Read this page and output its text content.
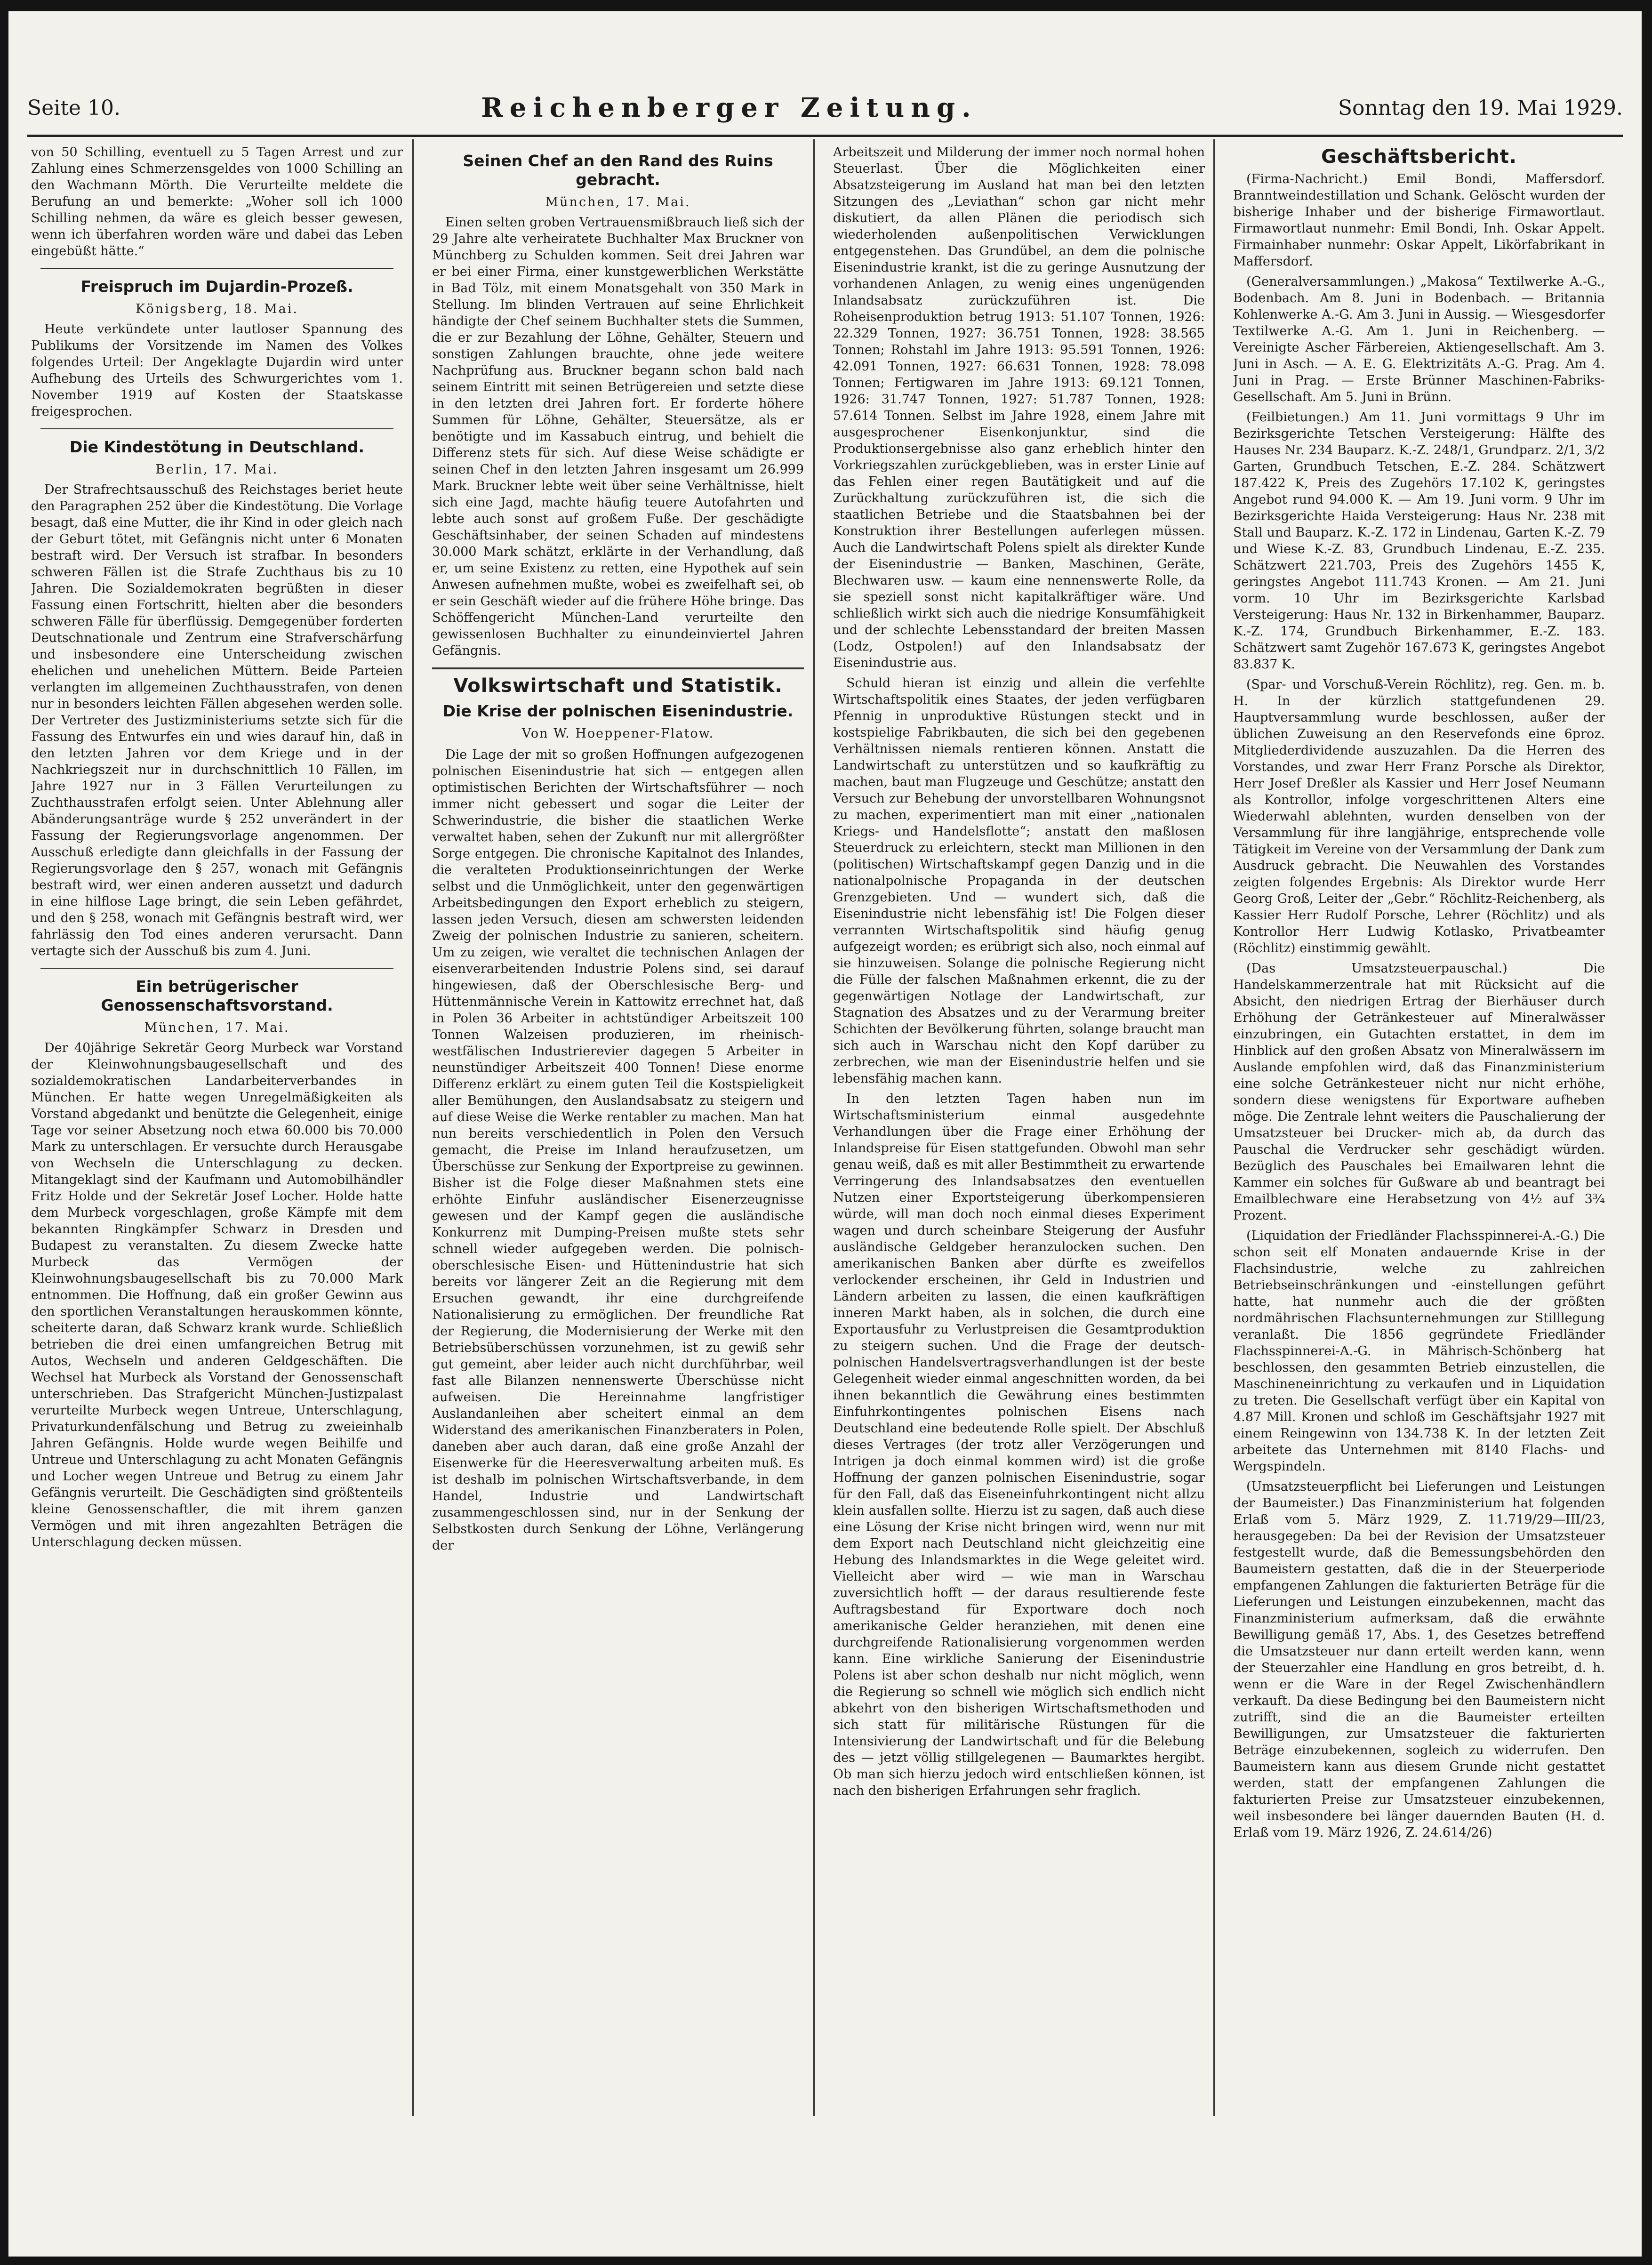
Seite 10.	Reichenberger Zeitung.	Sonntag den 19. Mai 1929.

von 50 Schilling, eventuell zu 5 Tagen Arrest und zur Zahlung eines Schmerzensgeldes von 1000 Schilling an den Wachmann Mörth. Die Verurteilte meldete die Berufung an und bemerkte: „Woher soll ich 1000 Schilling nehmen, da wäre es gleich besser gewesen, wenn ich überfahren worden wäre und dabei das Leben eingebüßt hätte.“

Freispruch im Dujardin-Prozeß.
Königsberg, 18. Mai.

Heute verkündete unter lautloser Spannung des Publikums der Vorsitzende im Namen des Volkes folgendes Urteil: Der Angeklagte Dujardin wird unter Aufhebung des Urteils des Schwurgerichtes vom 1. November 1919 auf Kosten der Staatskasse freigesprochen.

Die Kindestötung in Deutschland.
Berlin, 17. Mai.

Der Strafrechtsausschuß des Reichstages beriet heute den Paragraphen 252 über die Kindestötung. Die Vorlage besagt, daß eine Mutter, die ihr Kind in oder gleich nach der Geburt tötet, mit Gefängnis nicht unter 6 Monaten bestraft wird. Der Versuch ist strafbar. In besonders schweren Fällen ist die Strafe Zuchthaus bis zu 10 Jahren. Die Sozialdemokraten begrüßten in dieser Fassung einen Fortschritt, hielten aber die besonders schweren Fälle für überflüssig. Demgegenüber forderten Deutschnationale und Zentrum eine Strafverschärfung und insbesondere eine Unterscheidung zwischen ehelichen und unehelichen Müttern. Beide Parteien verlangten im allgemeinen Zuchthausstrafen, von denen nur in besonders leichten Fällen abgesehen werden solle. Der Vertreter des Justizministeriums setzte sich für die Fassung des Entwurfes ein und wies darauf hin, daß in den letzten Jahren vor dem Kriege und in der Nachkriegszeit nur in durchschnittlich 10 Fällen, im Jahre 1927 nur in 3 Fällen Verurteilungen zu Zuchthausstrafen erfolgt seien. Unter Ablehnung aller Abänderungsanträge wurde § 252 unverändert in der Fassung der Regierungsvorlage angenommen. Der Ausschuß erledigte dann gleichfalls in der Fassung der Regierungsvorlage den § 257, wonach mit Gefängnis bestraft wird, wer einen anderen aussetzt und dadurch in eine hilflose Lage bringt, die sein Leben gefährdet, und den § 258, wonach mit Gefängnis bestraft wird, wer fahrlässig den Tod eines anderen verursacht. Dann vertagte sich der Ausschuß bis zum 4. Juni.

Ein betrügerischer Genossenschaftsvorstand.
München, 17. Mai.

Der 40jährige Sekretär Georg Murbeck war Vorstand der Kleinwohnungsbaugesellschaft und des sozialdemokratischen Landarbeiterverbandes in München. Er hatte wegen Unregelmäßigkeiten als Vorstand abgedankt und benützte die Gelegenheit, einige Tage vor seiner Absetzung noch etwa 60.000 bis 70.000 Mark zu unterschlagen. Er versuchte durch Herausgabe von Wechseln die Unterschlagung zu decken. Mitangeklagt sind der Kaufmann und Automobilhändler Fritz Holde und der Sekretär Josef Locher. Holde hatte dem Murbeck vorgeschlagen, große Kämpfe mit dem bekannten Ringkämpfer Schwarz in Dresden und Budapest zu veranstalten. Zu diesem Zwecke hatte Murbeck das Vermögen der Kleinwohnungsbaugesellschaft bis zu 70.000 Mark entnommen. Die Hoffnung, daß ein großer Gewinn aus den sportlichen Veranstaltungen herauskommen könnte, scheiterte daran, daß Schwarz krank wurde. Schließlich betrieben die drei einen umfangreichen Betrug mit Autos, Wechseln und anderen Geldgeschäften. Die Wechsel hat Murbeck als Vorstand der Genossenschaft unterschrieben. Das Strafgericht München-Justizpalast verurteilte Murbeck wegen Untreue, Unterschlagung, Privaturkundenfälschung und Betrug zu zweieinhalb Jahren Gefängnis. Holde wurde wegen Beihilfe und Untreue und Unterschlagung zu acht Monaten Gefängnis und Locher wegen Untreue und Betrug zu einem Jahr Gefängnis verurteilt. Die Geschädigten sind größtenteils kleine Genossenschaftler, die mit ihrem ganzen Vermögen und mit ihren angezahlten Beträgen die Unterschlagung decken müssen.

Seinen Chef an den Rand des Ruins gebracht.
München, 17. Mai.

Einen selten groben Vertrauensmißbrauch ließ sich der 29 Jahre alte verheiratete Buchhalter Max Bruckner von Münchberg zu Schulden kommen. Seit drei Jahren war er bei einer Firma, einer kunstgewerblichen Werkstätte in Bad Tölz, mit einem Monatsgehalt von 350 Mark in Stellung. Im blinden Vertrauen auf seine Ehrlichkeit händigte der Chef seinem Buchhalter stets die Summen, die er zur Bezahlung der Löhne, Gehälter, Steuern und sonstigen Zahlungen brauchte, ohne jede weitere Nachprüfung aus. Bruckner begann schon bald nach seinem Eintritt mit seinen Betrügereien und setzte diese in den letzten drei Jahren fort. Er forderte höhere Summen für Löhne, Gehälter, Steuersätze, als er benötigte und im Kassabuch eintrug, und behielt die Differenz stets für sich. Auf diese Weise schädigte er seinen Chef in den letzten Jahren insgesamt um 26.999 Mark. Bruckner lebte weit über seine Verhältnisse, hielt sich eine Jagd, machte häufig teuere Autofahrten und lebte auch sonst auf großem Fuße. Der geschädigte Geschäftsinhaber, der seinen Schaden auf mindestens 30.000 Mark schätzt, erklärte in der Verhandlung, daß er, um seine Existenz zu retten, eine Hypothek auf sein Anwesen aufnehmen mußte, wobei es zweifelhaft sei, ob er sein Geschäft wieder auf die frühere Höhe bringe. Das Schöffengericht München-Land verurteilte den gewissenlosen Buchhalter zu einundeinviertel Jahren Gefängnis.

Volkswirtschaft und Statistik.
Die Krise der polnischen Eisenindustrie.
Von W. Hoeppener-Flatow.

Die Lage der mit so großen Hoffnungen aufgezogenen polnischen Eisenindustrie hat sich — entgegen allen optimistischen Berichten der Wirtschaftsführer — noch immer nicht gebessert und sogar die Leiter der Schwerindustrie, die bisher die staatlichen Werke verwaltet haben, sehen der Zukunft nur mit allergrößter Sorge entgegen. Die chronische Kapitalnot des Inlandes, die veralteten Produktionseinrichtungen der Werke selbst und die Unmöglichkeit, unter den gegenwärtigen Arbeitsbedingungen den Export erheblich zu steigern, lassen jeden Versuch, diesen am schwersten leidenden Zweig der polnischen Industrie zu sanieren, scheitern. Um zu zeigen, wie veraltet die technischen Anlagen der eisenverarbeitenden Industrie Polens sind, sei darauf hingewiesen, daß der Oberschlesische Berg- und Hüttenmännische Verein in Kattowitz errechnet hat, daß in Polen 36 Arbeiter in achtstündiger Arbeitszeit 100 Tonnen Walzeisen produzieren, im rheinisch-westfälischen Industrierevier dagegen 5 Arbeiter in neunstündiger Arbeitszeit 400 Tonnen! Diese enorme Differenz erklärt zu einem guten Teil die Kostspieligkeit aller Bemühungen, den Auslandsabsatz zu steigern und auf diese Weise die Werke rentabler zu machen. Man hat nun bereits verschiedentlich in Polen den Versuch gemacht, die Preise im Inland heraufzusetzen, um Überschüsse zur Senkung der Exportpreise zu gewinnen. Bisher ist die Folge dieser Maßnahmen stets eine erhöhte Einfuhr ausländischer Eisenerzeugnisse gewesen und der Kampf gegen die ausländische Konkurrenz mit Dumping-Preisen mußte stets sehr schnell wieder aufgegeben werden. Die polnisch-oberschlesische Eisen- und Hüttenindustrie hat sich bereits vor längerer Zeit an die Regierung mit dem Ersuchen gewandt, ihr eine durchgreifende Nationalisierung zu ermöglichen. Der freundliche Rat der Regierung, die Modernisierung der Werke mit den Betriebsüberschüssen vorzunehmen, ist zu gewiß sehr gut gemeint, aber leider auch nicht durchführbar, weil fast alle Bilanzen nennenswerte Überschüsse nicht aufweisen. Die Hereinnahme langfristiger Auslandanleihen aber scheitert einmal an dem Widerstand des amerikanischen Finanzberaters in Polen, daneben aber auch daran, daß eine große Anzahl der Eisenwerke für die Heeresverwaltung arbeiten muß. Es ist deshalb im polnischen Wirtschaftsverbande, in dem Handel, Industrie und Landwirtschaft zusammengeschlossen sind, nur in der Senkung der Selbstkosten durch Senkung der Löhne, Verlängerung der

Arbeitszeit und Milderung der immer noch normal hohen Steuerlast. Über die Möglichkeiten einer Absatzsteigerung im Ausland hat man bei den letzten Sitzungen des „Leviathan“ schon gar nicht mehr diskutiert, da allen Plänen die periodisch sich wiederholenden außenpolitischen Verwicklungen entgegenstehen. Das Grundübel, an dem die polnische Eisenindustrie krankt, ist die zu geringe Ausnutzung der vorhandenen Anlagen, zu wenig eines ungenügenden Inlandsabsatz zurückzuführen ist. Die Roheisenproduktion betrug 1913: 51.107 Tonnen, 1926: 22.329 Tonnen, 1927: 36.751 Tonnen, 1928: 38.565 Tonnen; Rohstahl im Jahre 1913: 95.591 Tonnen, 1926: 42.091 Tonnen, 1927: 66.631 Tonnen, 1928: 78.098 Tonnen; Fertigwaren im Jahre 1913: 69.121 Tonnen, 1926: 31.747 Tonnen, 1927: 51.787 Tonnen, 1928: 57.614 Tonnen. Selbst im Jahre 1928, einem Jahre mit ausgesprochener Eisenkonjunktur, sind die Produktionsergebnisse also ganz erheblich hinter den Vorkriegszahlen zurückgeblieben, was in erster Linie auf das Fehlen einer regen Bautätigkeit und auf die Zurückhaltung zurückzuführen ist, die sich die staatlichen Betriebe und die Staatsbahnen bei der Konstruktion ihrer Bestellungen auferlegen müssen. Auch die Landwirtschaft Polens spielt als direkter Kunde der Eisenindustrie — Banken, Maschinen, Geräte, Blechwaren usw. — kaum eine nennenswerte Rolle, da sie speziell sonst nicht kapitalkräftiger wäre. Und schließlich wirkt sich auch die niedrige Konsumfähigkeit und der schlechte Lebensstandard der breiten Massen (Lodz, Ostpolen!) auf den Inlandsabsatz der Eisenindustrie aus.

Schuld hieran ist einzig und allein die verfehlte Wirtschaftspolitik eines Staates, der jeden verfügbaren Pfennig in unproduktive Rüstungen steckt und in kostspielige Fabrikbauten, die sich bei den gegebenen Verhältnissen niemals rentieren können. Anstatt die Landwirtschaft zu unterstützen und so kaufkräftig zu machen, baut man Flugzeuge und Geschütze; anstatt den Versuch zur Behebung der unvorstellbaren Wohnungsnot zu machen, experimentiert man mit einer „nationalen Kriegs- und Handelsflotte“; anstatt den maßlosen Steuerdruck zu erleichtern, steckt man Millionen in den (politischen) Wirtschaftskampf gegen Danzig und in die nationalpolnische Propaganda in der deutschen Grenzgebieten. Und — wundert sich, daß die Eisenindustrie nicht lebensfähig ist! Die Folgen dieser verrannten Wirtschaftspolitik sind häufig genug aufgezeigt worden; es erübrigt sich also, noch einmal auf sie hinzuweisen. Solange die polnische Regierung nicht die Fülle der falschen Maßnahmen erkennt, die zu der gegenwärtigen Notlage der Landwirtschaft, zur Stagnation des Absatzes und zu der Verarmung breiter Schichten der Bevölkerung führten, solange braucht man sich auch in Warschau nicht den Kopf darüber zu zerbrechen, wie man der Eisenindustrie helfen und sie lebensfähig machen kann.

In den letzten Tagen haben nun im Wirtschaftsministerium einmal ausgedehnte Verhandlungen über die Frage einer Erhöhung der Inlandspreise für Eisen stattgefunden. Obwohl man sehr genau weiß, daß es mit aller Bestimmtheit zu erwartende Verringerung des Inlandsabsatzes den eventuellen Nutzen einer Exportsteigerung überkompensieren würde, will man doch noch einmal dieses Experiment wagen und durch scheinbare Steigerung der Ausfuhr ausländische Geldgeber heranzulocken suchen. Den amerikanischen Banken aber dürfte es zweifellos verlockender erscheinen, ihr Geld in Industrien und Ländern arbeiten zu lassen, die einen kaufkräftigen inneren Markt haben, als in solchen, die durch eine Exportausfuhr zu Verlustpreisen die Gesamtproduktion zu steigern suchen. Und die Frage der deutsch-polnischen Handelsvertragsverhandlungen ist der beste Gelegenheit wieder einmal angeschnitten worden, da bei ihnen bekanntlich die Gewährung eines bestimmten Einfuhrkontingentes polnischen Eisens nach Deutschland eine bedeutende Rolle spielt. Der Abschluß dieses Vertrages (der trotz aller Verzögerungen und Intrigen ja doch einmal kommen wird) ist die große Hoffnung der ganzen polnischen Eisenindustrie, sogar für den Fall, daß das Eiseneinfuhrkontingent nicht allzu klein ausfallen sollte. Hierzu ist zu sagen, daß auch diese eine Lösung der Krise nicht bringen wird, wenn nur mit dem Export nach Deutschland nicht gleichzeitig eine Hebung des Inlandsmarktes in die Wege geleitet wird. Vielleicht aber wird — wie man in Warschau zuversichtlich hofft — der daraus resultierende feste Auftragsbestand für Exportware doch noch amerikanische Gelder heranziehen, mit denen eine durchgreifende Rationalisierung vorgenommen werden kann. Eine wirkliche Sanierung der Eisenindustrie Polens ist aber schon deshalb nur nicht möglich, wenn die Regierung so schnell wie möglich sich endlich nicht abkehrt von den bisherigen Wirtschaftsmethoden und sich statt für militärische Rüstungen für die Intensivierung der Landwirtschaft und für die Belebung des — jetzt völlig stillgelegenen — Baumarktes hergibt. Ob man sich hierzu jedoch wird entschließen können, ist nach den bisherigen Erfahrungen sehr fraglich.

Geschäftsbericht.

(Firma-Nachricht.) Emil Bondi, Maffersdorf. Branntweindestillation und Schank. Gelöscht wurden der bisherige Inhaber und der bisherige Firmawortlaut. Firmawortlaut nunmehr: Emil Bondi, Inh. Oskar Appelt. Firmainhaber nunmehr: Oskar Appelt, Likörfabrikant in Maffersdorf.

(Generalversammlungen.) „Makosa“ Textilwerke A.-G., Bodenbach. Am 8. Juni in Bodenbach. — Britannia Kohlenwerke A.-G. Am 3. Juni in Aussig. — Wiesgesdorfer Textilwerke A.-G. Am 1. Juni in Reichenberg. — Vereinigte Ascher Färbereien, Aktiengesellschaft. Am 3. Juni in Asch. — A. E. G. Elektrizitäts A.-G. Prag. Am 4. Juni in Prag. — Erste Brünner Maschinen-Fabriks-Gesellschaft. Am 5. Juni in Brünn.

(Feilbietungen.) Am 11. Juni vormittags 9 Uhr im Bezirksgerichte Tetschen Versteigerung: Hälfte des Hauses Nr. 234 Bauparz. K.-Z. 248/1, Grundparz. 2/1, 3/2 Garten, Grundbuch Tetschen, E.-Z. 284. Schätzwert 187.422 K, Preis des Zugehörs 17.102 K, geringstes Angebot rund 94.000 K. — Am 19. Juni vorm. 9 Uhr im Bezirksgerichte Haida Versteigerung: Haus Nr. 238 mit Stall und Bauparz. K.-Z. 172 in Lindenau, Garten K.-Z. 79 und Wiese K.-Z. 83, Grundbuch Lindenau, E.-Z. 235. Schätzwert 221.703, Preis des Zugehörs 1455 K, geringstes Angebot 111.743 Kronen. — Am 21. Juni vorm. 10 Uhr im Bezirksgerichte Karlsbad Versteigerung: Haus Nr. 132 in Birkenhammer, Bauparz. K.-Z. 174, Grundbuch Birkenhammer, E.-Z. 183. Schätzwert samt Zugehör 167.673 K, geringstes Angebot 83.837 K.

(Spar- und Vorschuß-Verein Röchlitz), reg. Gen. m. b. H. In der kürzlich stattgefundenen 29. Hauptversammlung wurde beschlossen, außer der üblichen Zuweisung an den Reservefonds eine 6proz. Mitgliederdividende auszuzahlen. Da die Herren des Vorstandes, und zwar Herr Franz Porsche als Direktor, Herr Josef Dreßler als Kassier und Herr Josef Neumann als Kontrollor, infolge vorgeschrittenen Alters eine Wiederwahl ablehnten, wurden denselben von der Versammlung für ihre langjährige, entsprechende volle Tätigkeit im Vereine von der Versammlung der Dank zum Ausdruck gebracht. Die Neuwahlen des Vorstandes zeigten folgendes Ergebnis: Als Direktor wurde Herr Georg Groß, Leiter der „Gebr.“ Röchlitz-Reichenberg, als Kassier Herr Rudolf Porsche, Lehrer (Röchlitz) und als Kontrollor Herr Ludwig Kotlasko, Privatbeamter (Röchlitz) einstimmig gewählt.

(Das Umsatzsteuerpauschal.) Die Handelskammerzentrale hat mit Rücksicht auf die Absicht, den niedrigen Ertrag der Bierhäuser durch Erhöhung der Getränkesteuer auf Mineralwässer einzubringen, ein Gutachten erstattet, in dem im Hinblick auf den großen Absatz von Mineralwässern im Auslande empfohlen wird, daß das Finanzministerium eine solche Getränkesteuer nicht nur nicht erhöhe, sondern diese wenigstens für Exportware aufheben möge. Die Zentrale lehnt weiters die Pauschalierung der Umsatzsteuer bei Drucker- mich ab, da durch das Pauschal die Verdrucker sehr geschädigt würden. Bezüglich des Pauschales bei Emailwaren lehnt die Kammer ein solches für Gußware ab und beantragt bei Emailblechware eine Herabsetzung von 4½ auf 3¾ Prozent.

(Liquidation der Friedländer Flachsspinnerei-A.-G.) Die schon seit elf Monaten andauernde Krise in der Flachsindustrie, welche zu zahlreichen Betriebseinschränkungen und -einstellungen geführt hatte, hat nunmehr auch die der größten nordmährischen Flachsunternehmungen zur Stilllegung veranlaßt. Die 1856 gegründete Friedländer Flachsspinnerei-A.-G. in Mährisch-Schönberg hat beschlossen, den gesammten Betrieb einzustellen, die Maschineneinrichtung zu verkaufen und in Liquidation zu treten. Die Gesellschaft verfügt über ein Kapital von 4.87 Mill. Kronen und schloß im Geschäftsjahr 1927 mit einem Reingewinn von 134.738 K. In der letzten Zeit arbeitete das Unternehmen mit 8140 Flachs- und Wergspindeln.

(Umsatzsteuerpflicht bei Lieferungen und Leistungen der Baumeister.) Das Finanzministerium hat folgenden Erlaß vom 5. März 1929, Z. 11.719/29—III/23, herausgegeben: Da bei der Revision der Umsatzsteuer festgestellt wurde, daß die Bemessungsbehörden den Baumeistern gestatten, daß die in der Steuerperiode empfangenen Zahlungen die fakturierten Beträge für die Lieferungen und Leistungen einzubekennen, macht das Finanzministerium aufmerksam, daß die erwähnte Bewilligung gemäß 17, Abs. 1, des Gesetzes betreffend die Umsatzsteuer nur dann erteilt werden kann, wenn der Steuerzahler eine Handlung en gros betreibt, d. h. wenn er die Ware in der Regel Zwischenhändlern verkauft. Da diese Bedingung bei den Baumeistern nicht zutrifft, sind die an die Baumeister erteilten Bewilligungen, zur Umsatzsteuer die fakturierten Beträge einzubekennen, sogleich zu widerrufen. Den Baumeistern kann aus diesem Grunde nicht gestattet werden, statt der empfangenen Zahlungen die fakturierten Preise zur Umsatzsteuer einzubekennen, weil insbesondere bei länger dauernden Bauten (H. d. Erlaß vom 19. März 1926, Z. 24.614/26)
